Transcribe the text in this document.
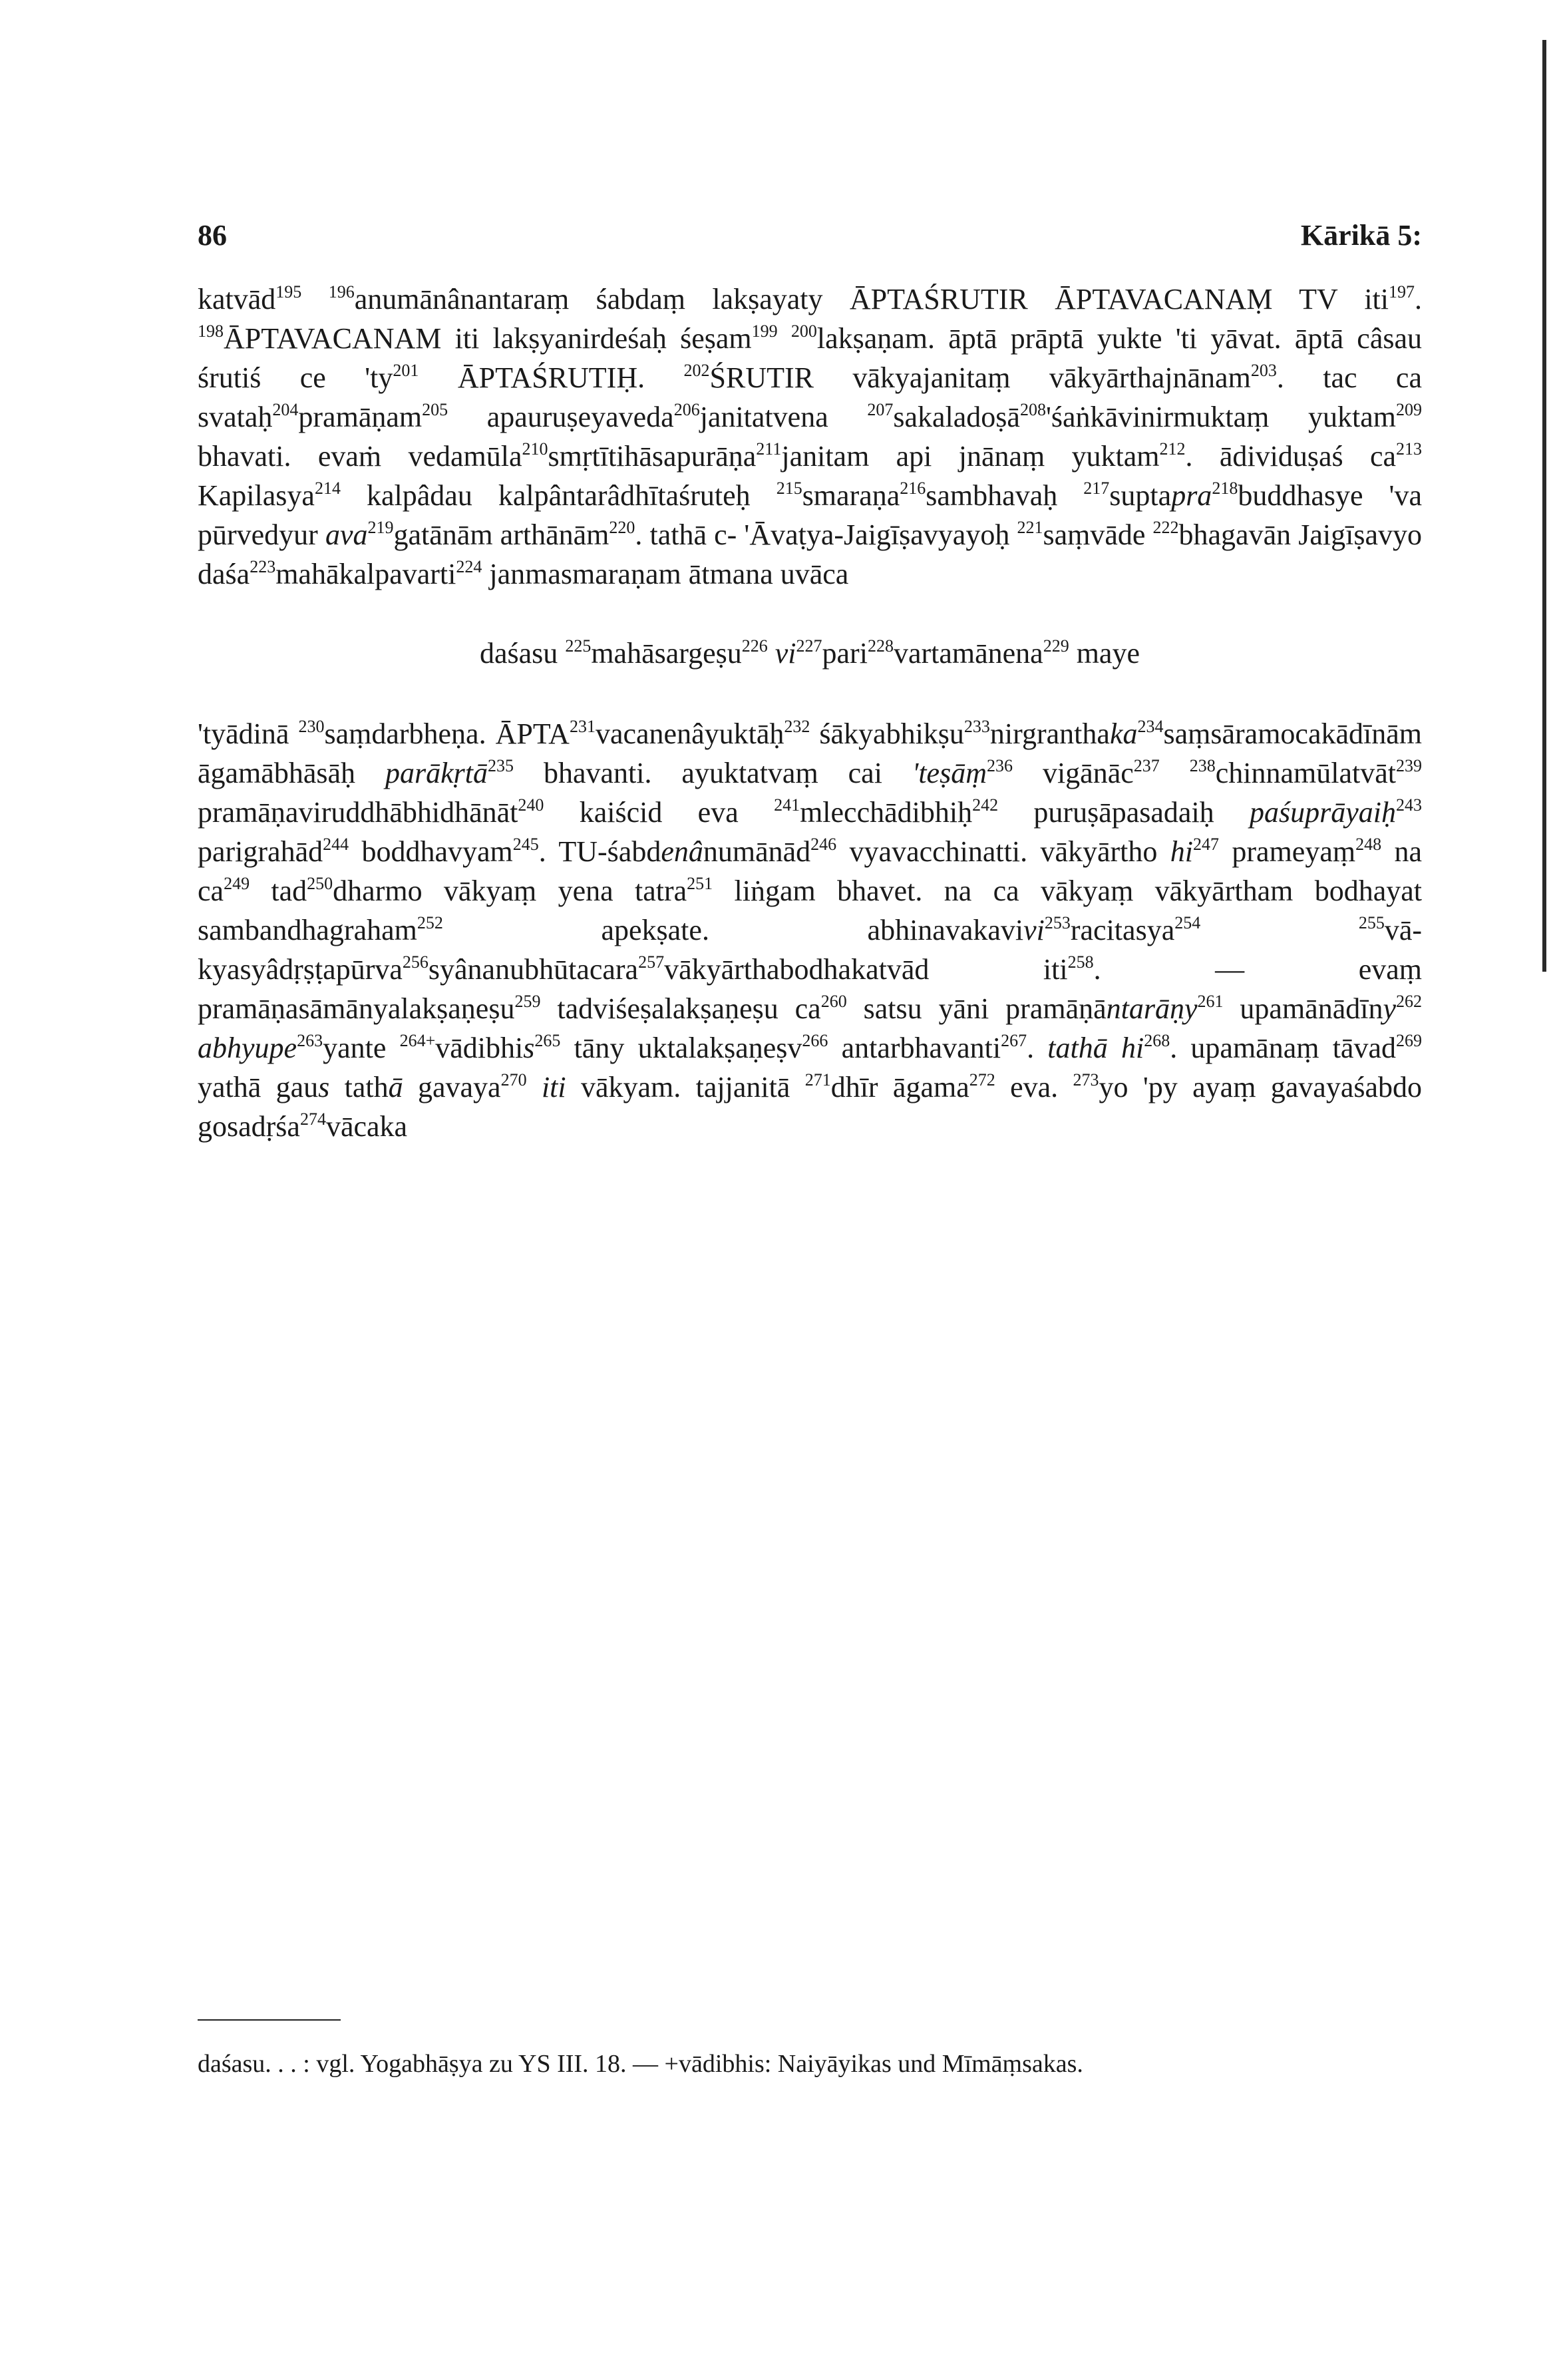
86	Kārikā 5:

katvād$^{195}$ $^{196}$anumānânantaraṃ śabdaṃ lakṣayaty ĀPTAŚRUTIR ĀPTAVACANAṂ TV iti$^{197}$. $^{198}$ĀPTAVACANAM iti lakṣyanirdeśaḥ śeṣam$^{199}$ $^{200}$lakṣaṇam. āptā prāptā yukte 'ti yāvat. āptā câsau śrutiś ce '$ty^{201}$ ĀPTAŚRUTIḤ. $^{202}$ŚRUTIR vākyajanitaṃ vākyārthajnānam$^{203}$. tac ca svataḥ$^{204}$pramāṇam$^{205}$ apauruṣeyaveda$^{206}$janitatvena $^{207}$sakaladoṣā$^{208}$'śaṅkāvinirmuktaṃ yuktam$^{209}$ bhavati. evaṁ vedamūla$^{210}$smṛtītihāsapurāṇa$^{211}$janitam api jnānaṃ yuktam$^{212}$. ādividuṣaś $ca^{213}$ Kapilasya$^{214}$ kalpâdau kalpântarâdhītaśruteḥ $^{215}$smaraṇa$^{216}$sambhavaḥ $^{217}$suptapra$^{218}$buddhasye 'va pūrvedyur ava$^{219}$gatānām arthānām$^{220}$. tathā c- 'Āvaṭya-Jaigīṣavyayoḥ $^{221}$saṃvāde $^{222}$bhagavān Jaigīṣavyo daśa$^{223}$mahākalpavarti$^{224}$ janmasmaraṇam ātmana uvāca

daśasu $^{225}$mahāsargeṣu$^{226}$ $vi^{227}pari^{228}vartamānena^{229}$ maye

'tyādinā $^{230}$saṃdarbheṇa. ĀPTA$^{231}$vacanenâyuktāḥ$^{232}$ śākyabhikṣu$^{233}$nirgranthaka$^{234}$saṃsāramocakādīnām āgamābhāsāḥ parākṛtā$^{235}$ bhavanti. ayuktatvaṃ cai 'teṣāṃ$^{236}$ vigānāc$^{237}$ $^{238}$chinnamūlatvāt$^{239}$ pramāṇaviruddhābhidhānāt$^{240}$ kaiścid eva $^{241}$mlecchādibhiḥ$^{242}$ puruṣāpasadaiḥ paśuprāyaiḥ$^{243}$ parigrahād$^{244}$ boddhavyam$^{245}$. TU-śabdenânumānād$^{246}$ vyavacchinatti. vākyārtho $hi^{247}$ prameyaṃ$^{248}$ na $ca^{249}$ tad$^{250}$dharmo vākyaṃ yena tatra$^{251}$ liṅgam bhavet. na ca vākyaṃ vākyārtham bodhayat sambandhagraham$^{252}$ apekṣate. abhinavakavivi$^{253}$racitasya$^{254}$	$^{255}$vākyasyâdṛṣṭapūrva$^{256}$syânanubhūtacara$^{257}$vākyārthabodhakatvād iti$^{258}$. — evaṃ pramāṇasāmānyalakṣaṇeṣu$^{259}$ tadviśeṣalakṣaṇeṣu $ca^{260}$ satsu yāni pramāṇāntarāṇy$^{261}$ upamānādīny$^{262}$ abhyupe$^{263}$yante $^{264+}$vādibhis$^{265}$ tāny uktalakṣaṇeṣv$^{266}$ antarbhavanti$^{267}$. tathā $hi^{268}$. upamānaṃ tāvad$^{269}$ yathā gaus tathā gavaya$^{270}$ iti vākyam. tajjanitā $^{271}$dhīr āgama$^{272}$ eva. $^{273}$yo 'py ayaṃ gavayaśabdo gosadṛśa$^{274}$vācaka

daśasu. . . : vgl. Yogabhāṣya zu YS III. 18. — +vādibhis: Naiyāyikas und Mīmāṃsakas.
